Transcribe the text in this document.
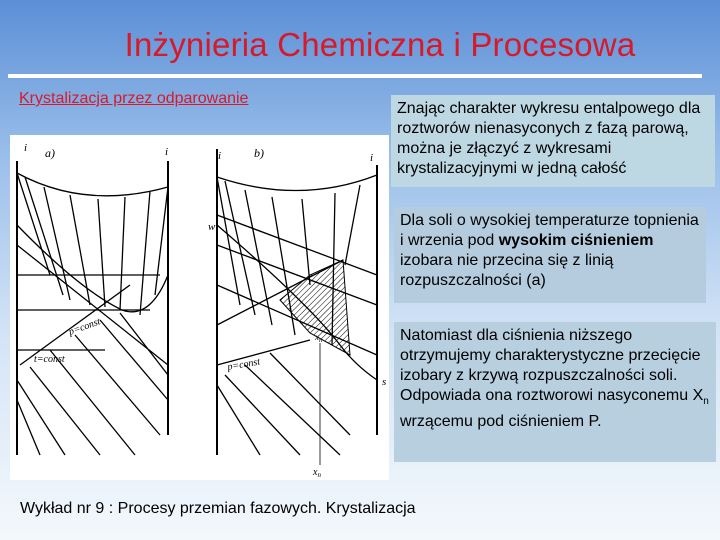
Inżynieria Chemiczna i Procesowa
Krystalizacja przez odparowanie
i a)	i
p=const
t=const
i	b)	i
w
s
$x_n$
$x_n$
p=const
Znając charakter wykresu entalpowego dla roztworów nienasyconych z fazą parową, można je złączyć z wykresami krystalizacyjnymi w jedną całość
Dla soli o wysokiej temperaturze topnienia i wrzenia pod wysokim ciśnieniem izobara nie przecina się z linią rozpuszczalności (a)
Natomiast dla ciśnienia niższego otrzymujemy charakterystyczne przecięcie izobary z krzywą rozpuszczalności soli. Odpowiada ona roztworowi nasyconemu $X_n$ wrzącemu pod ciśnieniem P.
Wykład nr 9 : Procesy przemian fazowych. Krystalizacja
